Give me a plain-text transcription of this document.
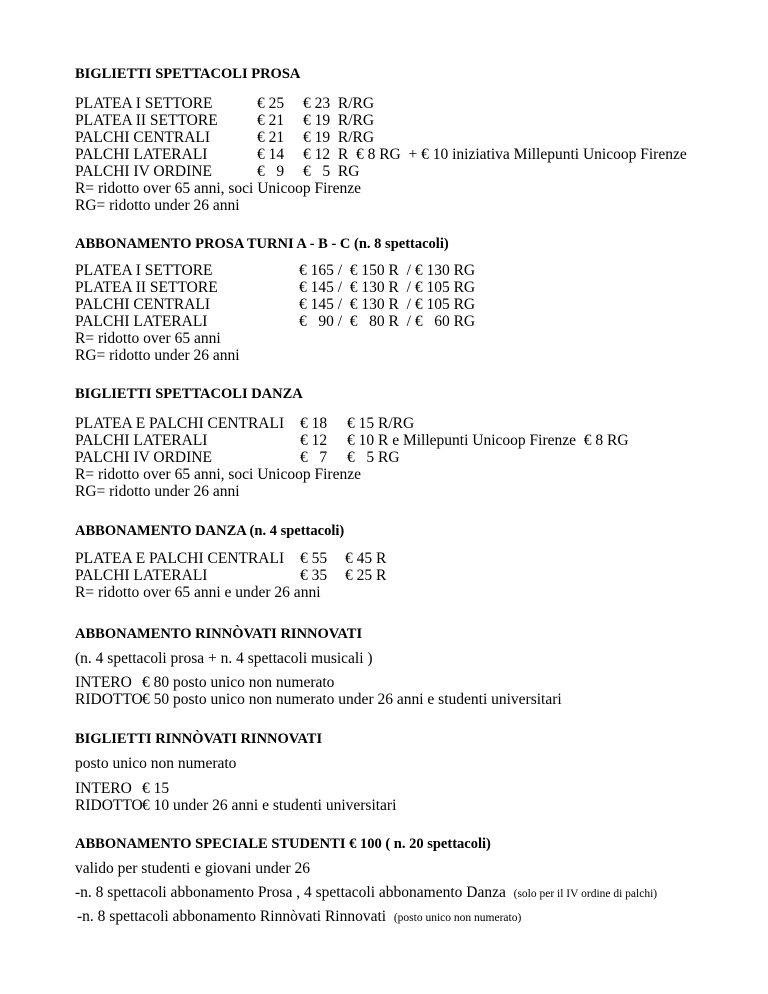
BIGLIETTI SPETTACOLI PROSA
PLATEA I SETTORE	€ 25 € 23  R/RG
PLATEA II SETTORE	€ 21 € 19  R/RG
PALCHI CENTRALI	€ 21 € 19  R/RG
PALCHI LATERALI	€ 14 € 12  R  € 8 RG  + € 10 iniziativa Millepunti Unicoop Firenze
PALCHI IV ORDINE	€   9 €   5  RG
R= ridotto over 65 anni, soci Unicoop Firenze
RG= ridotto under 26 anni
ABBONAMENTO PROSA TURNI A - B - C (n. 8 spettacoli)
PLATEA I SETTORE	€ 165 /  € 150 R  / € 130 RG
PLATEA II SETTORE	€ 145 /  € 130 R  / € 105 RG
PALCHI CENTRALI	€ 145 /  € 130 R  / € 105 RG
PALCHI LATERALI	€   90 /  €   80 R  / €   60 RG
R= ridotto over 65 anni
RG= ridotto under 26 anni
BIGLIETTI SPETTACOLI DANZA
PLATEA E PALCHI CENTRALI € 18 € 15 R/RG
PALCHI LATERALI	€ 12 € 10 R e Millepunti Unicoop Firenze  € 8 RG
PALCHI IV ORDINE	€   7 €   5 RG
R= ridotto over 65 anni, soci Unicoop Firenze
RG= ridotto under 26 anni
ABBONAMENTO DANZA (n. 4 spettacoli)
PLATEA E PALCHI CENTRALI € 55 € 45 R
PALCHI LATERALI	€ 35 € 25 R
R= ridotto over 65 anni e under 26 anni
ABBONAMENTO RINNÒVATI RINNOVATI
(n. 4 spettacoli prosa + n. 4 spettacoli musicali )
INTERO € 80 posto unico non numerato
RIDOTTO € 50 posto unico non numerato under 26 anni e studenti universitari
BIGLIETTI RINNÒVATI RINNOVATI
posto unico non numerato
INTERO € 15
RIDOTTO € 10 under 26 anni e studenti universitari
ABBONAMENTO SPECIALE STUDENTI € 100 ( n. 20 spettacoli)
valido per studenti e giovani under 26
-n. 8 spettacoli abbonamento Prosa , 4 spettacoli abbonamento Danza  (solo per il IV ordine di palchi)
-n. 8 spettacoli abbonamento Rinnòvati Rinnovati  (posto unico non numerato)
